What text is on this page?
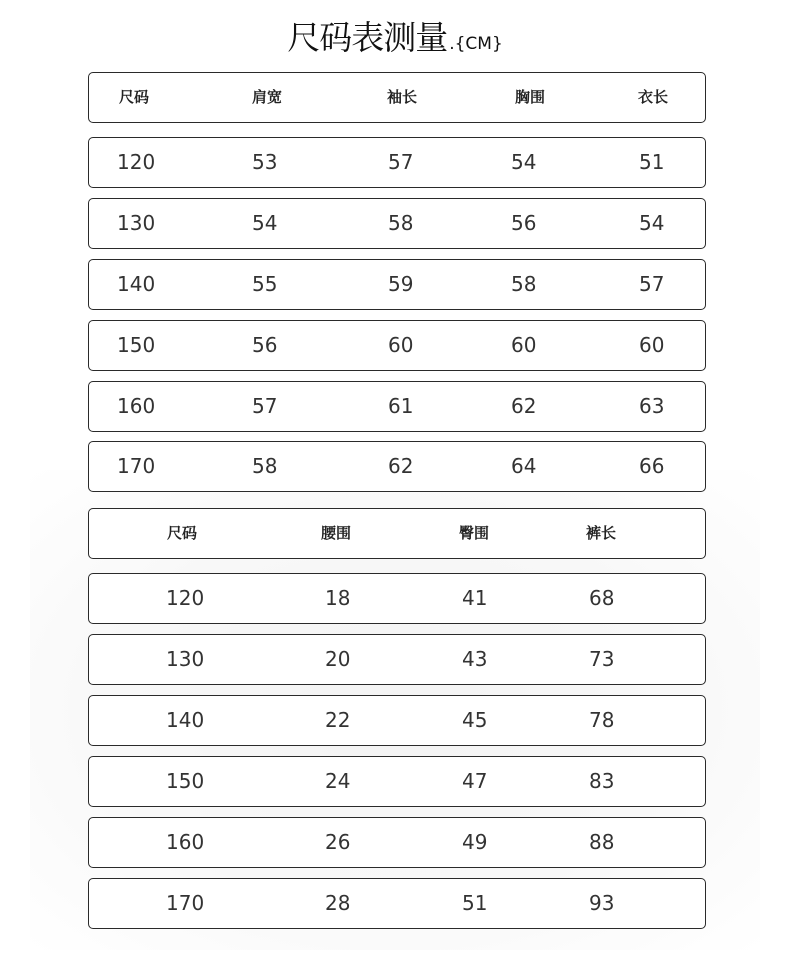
尺码表测量 .{CM}
尺码	肩宽	袖长	胸围	衣长
120	53	57	54	51
130	54	58	56	54
140	55	59	58	57
150	56	60	60	60
160	57	61	62	63
170	58	62	64	66
尺码	腰围	臀围	裤长
120	18	41	68
130	20	43	73
140	22	45	78
150	24	47	83
160	26	49	88
170	28	51	93
